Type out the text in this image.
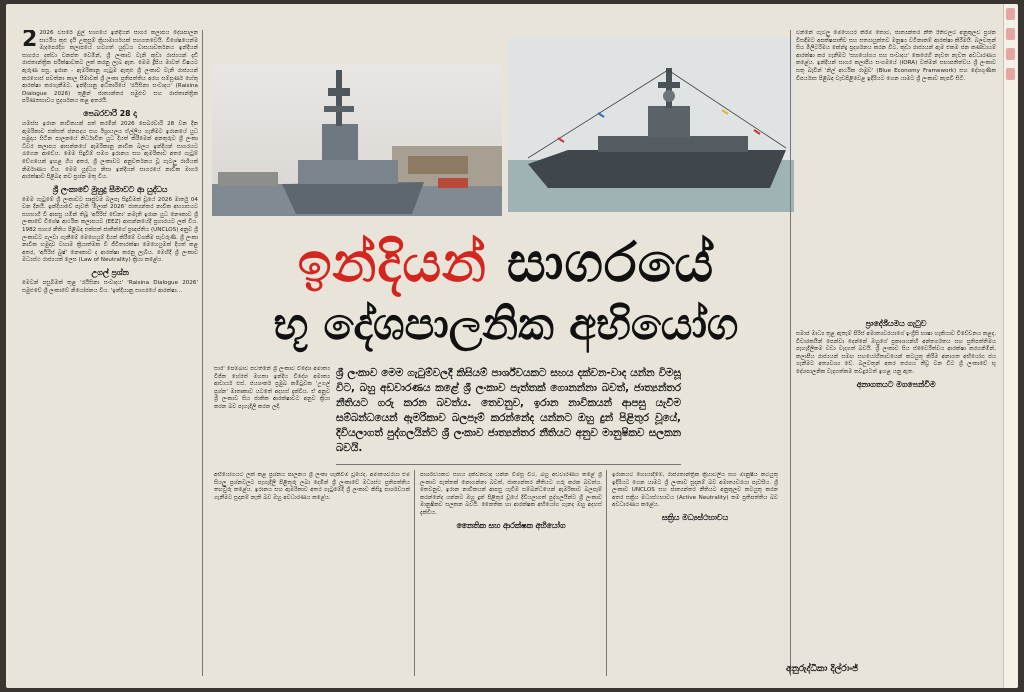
2 2026 වසරේ මුල් භාගයේ ඉන්දියන් සාගර කලාපය දේශපාලන සාර්ථීය කුළු දැයි උකුසුම් ක්‍රියාමාර්ගයක් සහගතවෙයි. විශේෂයෙන්ම මැදපෙරදිග කලාපයේ හටගත් යුද්ධය වාසයාවර්තනය ඉන්දියන් සාගරය දක්වා වනප්ත වෙමින්, ශ්‍රී ලංකාව වැනි කුඩා රාජ්‍යයන් දැඩි රාජතාන්ත්‍රික පරීක්ෂාවකට ලක් කරනු ලැබ ඇත. මෙම ද්‍රිපිය මාවත් විෂයට ඇරුණ පසු, ඉරාන - ඇමරිකානු ගැටුම ඇතුළු ශ්‍රී ලංකාව වැනි රාජ්‍යයන් කරගොස් පවත්නා කාල සීමාවක් ශ්‍රී ලංකා ප්‍රතිපත්තිය අරහ සම්පූර්ණ හේතු ආරක්ෂා කරගැනීමට. ඉන්දියානු අධිකාරියේ 'රයිසිනා සංවාදය' (Raisina Dialogue 2026) තුළින් ජාත්‍යන්තර සමුළුව සහ රාජතාන්ත්‍රික පරිණතභාවය ප්‍රදර්ශනය කළ අතරයි.

පෙබරවාරි 28 දා

හමස්ස ඉරාන නාවිකයන් පත් කරමින් 2026 පෙබරවාරි 28 වන දින ඇමරිකාව එක්සත් ජනපදය සහ ඊශ්‍රායලය ඒල්ලිය ගැනීමට ඉරානයේ යුධ සමුදාය සිටින පාලනයේ නිර්ධාවිත යුධ දියත් කිරීමෙන් අනතුරුව ශ්‍රී ලංකා ධීවර කලාපය ආසන්නයේ ඇමරිකානු නාවික බලය ඉන්දියන් සාගරයට රැගෙන ආවේය. මෙම සිදුවීම් සමග ඉරානය සහ ඇමරිකාව අතර ගැටුම් වේගයෙන් ඉහළ ගිය අතර, ශ්‍රී ලංකාවට අනුවර්තනය වූ ගැටලු රාශියක් නිර්මාණය විය. මෙම යුද්ධය නිසා ඉන්දියන් සාගරයේ නාවික මාර්ග ආරක්ෂාව පිළිබඳ නව ප්‍රශ්න මතු විය.

ශ්‍රී ලංකාවේ මුහුදු සීමාවට ආ යුද්ධය

මෙම ගැටුමේ ශ්‍රී ලංකාවට සෘජුවම බලපෑ සිදුවීමක් වූයේ 2026 මාර්තු 04 වන දිනයි. ඉන්දියාවේ පැවති 'මිලාන් 2026' ජාත්‍යන්තර නාවික අභ්‍යාසයට සහභාගී වී ආපසු යමින් තිබූ 'අයිරිස් ඩේනා' නමැති ඉරාන යුධ නෞකාව ශ්‍රී ලංකාවේ විශේෂ ආර්ථික කලාපයට (EEZ) ආසන්නයේදී ප්‍රහාරයට ලක් විය. 1982 සාගර නීතිය පිළිබඳ එක්සත් ජාතීන්ගේ ප්‍රඥප්තිය (UNCLOS) අනුව ශ්‍රී ලංකාවට ගලවා ගැනීමේ මෙහෙයුම් දියත් කිරීමේ වගකීම පැවරුණි. ශ්‍රී ලංකා නාවික හමුදාව වහාම ක්‍රියාත්මක වී ජීවිතාරක්ෂා මෙහෙයුමක් දියත් කළ අතර, 'අයිරිස් බුෂ්' නෞකාව ද ආරක්ෂා කරනු ලැබීය. මෙහිදී ශ්‍රී ලංකාව මධ්‍යස්ථ රාජ්‍යයක් ලෙස (Law of Neutrality) ක්‍රියා කළේය.

උගල් ප්‍රශ්න

මෙවන් පසුබිමක් තුළ 'රයිසිනා සංවාදය' 'Raisina Dialogue 2026' සමුළුවේ ශ්‍රී ලංකාවේ නියෝජනය වීය. 'ඉන්දියානු සාගරයේ ආරක්ෂා...	ඉන්දියන් සාගරයේ
භූ දේශපාලනික අභියෝග
ශ්‍රී ලංකාව මෙම ගැටුම්වලදී කිසියම් පාර්ශ්වයකට සහය දක්වන-වාද යන්න විමසූ විට, බහු අඩවාරණය කළේ ශ්‍රී ලංකාව පැත්තක් ගොනන්නා බවත්, ජාත්‍යන්තර නීතියට ගරු කරන බවත්ය. තෙවනුව, ඉරාන නාවිකයන් ආපසු යැවීම සම්බන්ධයෙන් ඇමරිකාව බලපෑම් කරන්නේද යන්නට ඔහු දුන් පිළිතුර වූයේ, දිවියලාගත් පුද්ගලයින්ට ශ්‍රී ලංකාව ජාත්‍යන්තර නීතියට අනුව මානුෂිකව සලකන බවයි.

සාර' පෙම්බාව පවත්නේ ශ්‍රී ලංකාව විදේශ අමාත්‍ය විජිත හේරත් මහතා ඉන්දීය විදේශ අමාත්‍ය ආචාර්ය එස්. ජයශංකර් ප්‍රමුඛ කමිටුවක 'උගල් ප්‍රශ්න' මාතෘකාව යටතේ අදහස් දැක්වීය. ඒ අනුව ශ්‍රී ලංකාව සිය ජාතික ආරක්ෂාවට අනුව ක්‍රියා කරන බව පැහැදිලි කරන ලදී.

අභියෝගයට ලක් කළ ප්‍රශ්නය පාලනය ශ්‍රී ලංකා හැකිවීම වූයේද, අමාත්‍යවරයා එම සියලු ප්‍රශ්නවලට පැහැදිලි පිළිතුරු ලබා දෙමින් ශ්‍රී ලංකාවේ මධ්‍යස්ථ ප්‍රතිපත්තිය තහවුරු කළේය. ඉරානය සහ ඇමරිකාව අතර ගැටුමේදී ශ්‍රී ලංකාව කිසිදු පාර්ශවයක් ගැනීමට සූදානම් නැති බව ඔහු අවධාරණය කළේය.

පාර්ශවයකට සහය දක්වනවාද යන්න විමසූ විට, බහු අඩවාරණය කළේ ශ්‍රී ලංකාව පැත්තක් නොගන්නා බවත්, ජාත්‍යන්තර නීතියට ගරු කරන බවත්ය. තෙවනුව, ඉරාන නාවිකයන් ආපසු යැවීම සම්බන්ධයෙන් ඇමරිකාව බලපෑම් කරන්නේද යන්නට ඔහු දුන් පිළිතුර වූයේ දිවියලාගත් පුද්ගලයින්ට ශ්‍රී ලංකාව මානුෂිකව සලකන බවයි. නෛතික හා ආරක්ෂක අභියෝග ගැනද ඔහු අදහස් දැක්වීය.

නෛතික සහ ආරක්ෂක අභියෝග

ඉරානයට හොයාදීමේ, රාජ්‍යතාන්ත්‍රික ක්‍රියාවලිය සහ මානුෂීය කටයුතු ඉදිරියට ගෙන යාමට ශ්‍රී ලංකාව සූදානම් බව අමාත්‍යවරයා පැවසීය. ශ්‍රී ලංකාව UNCLOS සහ ජාත්‍යන්තර නීතියට අනුකූලව කටයුතු කරන අතර සක්‍රිය මධ්‍යස්ථභාවය (Active Neutrality) තම ප්‍රතිපත්තිය බව අවධාරණය කළේය.

සක්‍රිය මධ්‍යස්ථභාවය

වන්නේ ගැටලු මෙහෙයර කිරීම තොට, ජාත්‍යන්තර නීති රීතිවලට අනුකූලව ප්‍රශ්න විසඳීමට අපක්ෂපාතීව සහ සත්‍යායුක්තව මනුෂ්‍ය වටිනාකම් ආරක්ෂා කිරීමයි. බලවතුන් සිය මිලිටරිමය කේන්ද්‍ර ප්‍රදර්ශනය කරන විට, කුඩා රාජ්‍යයන් ඇම එකම ජන කණ්ඩායම් ආරක්ෂා කර ගැනීමට 'සහයෝගය සහ සංවාදය' කෙරෙහි නැවත නැවත අවධාරණය කළේය. ඉන්දියන් සාගර කලාපීය සංගමයේ (IORA) වත්මන් සභාපතිත්වය ශ්‍රී ලංකාව සතු බැවින් 'නිල් ආර්ථික රාමුව' (Blue Economy Framework) සහ දේශගුණික විපර්යාස පිළිබඳ වැඩපිළිවෙළ ඉදිරියට ගෙන යාමට ශ්‍රී ලංකාව කැපවී සිටී.

ප්‍රාදේශීයමය ගැටුව

සමාජ මාධ්‍ය තුළ ඇතැම් පිරිස් අමාත්‍යවරයාගේ ඉංග්‍රීසි භාෂා හැකියාව විවේචනය කළද, විචාරකයින් පෙන්වා දෙන්නේ ඔහුගේ ප්‍රකාශයන්හි අන්තර්ගතය සහ ප්‍රතිපත්තිමය පැහැදිලිකම වඩා වැදගත් බවයි. ශ්‍රී ලංකාව සිය ස්වෛරීත්වය ආරක්ෂා කරගනිමින්, කලාපීය රාජ්‍යයන් සමඟ සහයෝගීතාවයෙන් කටයුතු කිරීම අනාගත අභියෝග ජය ගැනීමට අත්‍යවශ්‍ය වේ. බලවතුන් අතර තරගය තීව්‍ර වන විට ශ්‍රී ලංකාවේ භූ දේශපාලනික වැදගත්කම තවදුරටත් ඉහළ යනු ඇත.

අනාගතයට මගපෙන්වීම
අනුරුද්ධිකා දිල්රාංජ්
